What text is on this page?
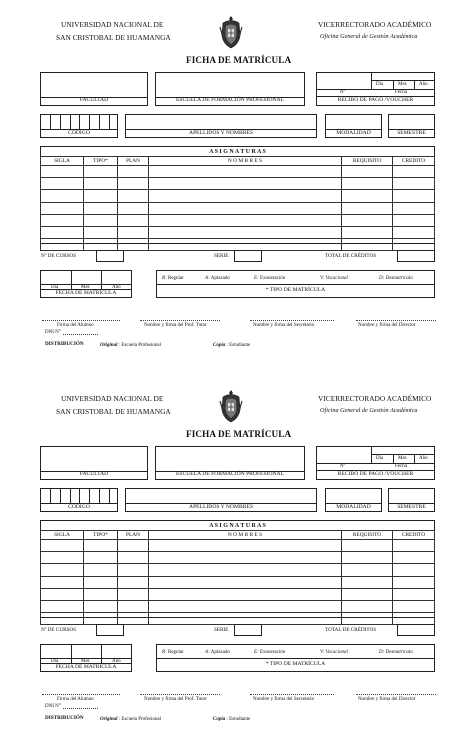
UNIVERSIDAD NACIONAL DE
SAN CRISTOBAL DE HUAMANGA
VICERRECTORADO ACADÉMICO
Oficina General de Gestión Académica
FICHA DE MATRÍCULA
FACULTAD	ESCUELA DE FORMACIÓN PROFESIONAL
Día	Mes Año
Nº	Fecha
RECIBO DE PAGO /VOUCHER
CÓDIGO	APELLIDOS Y NOMBRES	MODALIDAD	SEMESTRE
A S I G N A T U R A S
SIGLA	TIPO*	PLAN	N O M B R E S	REQUISITO	CREDITO

Nº DE CURSOS	SERIE	TOTAL DE CRÉDITOS
Día	Mes	Año
FECHA DE MATRÍCULA
R: Regular	A: Aplazado	E: Exoneración	V: Vacacional	D: Desmatricula
* TIPO DE MATRÍCULA
Firma del Alumno
DNI N°
Nombre y firma del Prof. Tutor	Nombre y firma del Secretario	Nombre y firma del Director
DISTRIBUCIÓN	Original : Escuela Profesional	Copia : Estudiante
UNIVERSIDAD NACIONAL DE
SAN CRISTOBAL DE HUAMANGA
VICERRECTORADO ACADÉMICO
Oficina General de Gestión Académica
FICHA DE MATRÍCULA
FACULTAD	ESCUELA DE FORMACIÓN PROFESIONAL
Día	Mes Año
Nº	Fecha
RECIBO DE PAGO /VOUCHER
CÓDIGO	APELLIDOS Y NOMBRES	MODALIDAD	SEMESTRE
A S I G N A T U R A S
SIGLA	TIPO*	PLAN	N O M B R E S	REQUISITO	CREDITO

Nº DE CURSOS	SERIE	TOTAL DE CRÉDITOS
Día	Mes	Año
FECHA DE MATRÍCULA
R: Regular	A: Aplazado	E: Exoneración	V: Vacacional	D: Desmatricula
* TIPO DE MATRÍCULA
Firma del Alumno
DNI N°
Nombre y firma del Prof. Tutor	Nombre y firma del Secretario	Nombre y firma del Director
DISTRIBUCIÓN	Original : Escuela Profesional	Copia : Estudiante
